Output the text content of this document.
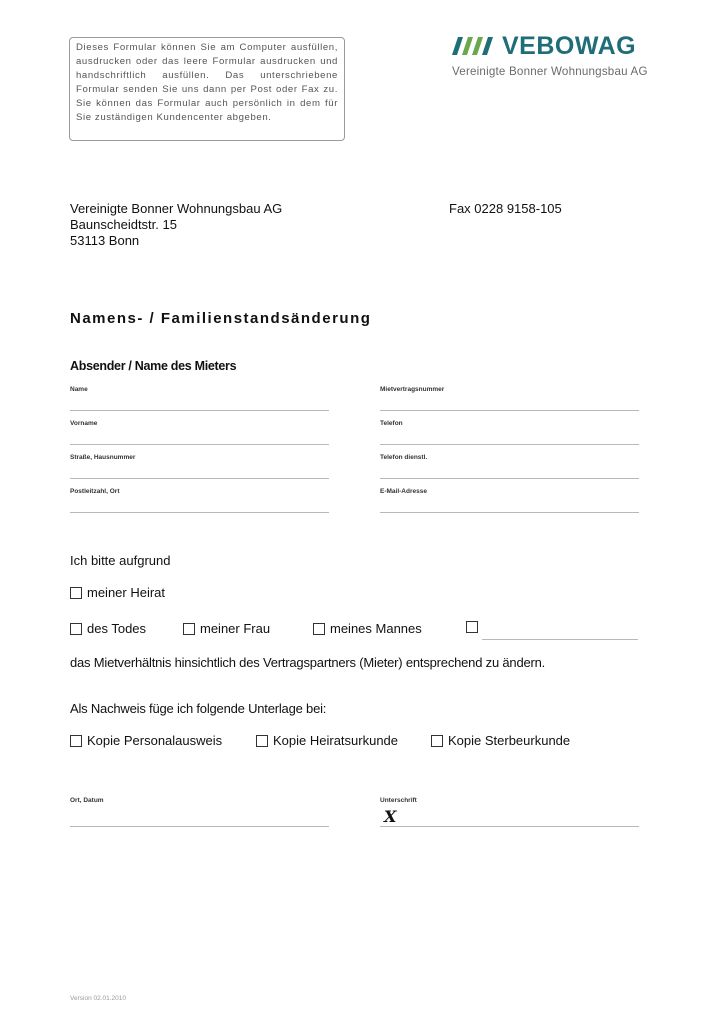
Dieses Formular können Sie am Computer ausfüllen, ausdrucken oder das leere Formular ausdrucken und handschriftlich ausfüllen. Das unterschriebene Formular senden Sie uns dann per Post oder Fax zu. Sie können das Formular auch persönlich in dem für Sie zuständigen Kundencenter abgeben.
VEBOWAG
Vereinigte Bonner Wohnungsbau AG
Vereinigte Bonner Wohnungsbau AG
Baunscheidtstr. 15
53113 Bonn
Fax 0228 9158-105
Namens- / Familienstandsänderung
Absender / Name des Mieters
Name	Mietvertragsnummer
Vorname	Telefon
Straße, Hausnummer	Telefon dienstl.
Postleitzahl, Ort	E-Mail-Adresse
Ich bitte aufgrund
meiner Heirat
des Todes	meiner Frau	meines Mannes
das Mietverhältnis hinsichtlich des Vertragspartners (Mieter) entsprechend zu ändern.
Als Nachweis füge ich folgende Unterlage bei:
Kopie Personalausweis	Kopie Heiratsurkunde	Kopie Sterbeurkunde
Ort, Datum	Unterschrift
X
Version 02.01.2010
